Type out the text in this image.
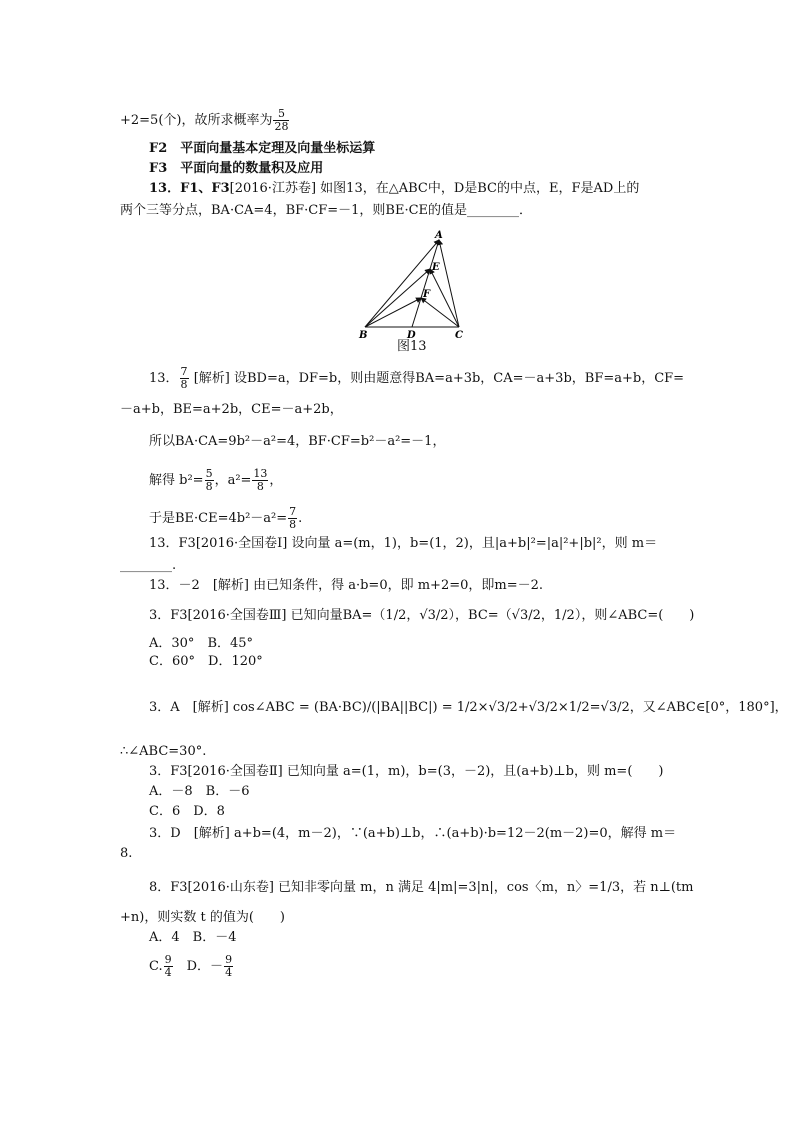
+2=5(个)，故所求概率为 $\frac{5}{28}$
F2　平面向量基本定理及向量坐标运算
F3　平面向量的数量积及应用
13．F1、F3[2016·江苏卷] 如图13，在△ABC中，D是BC的中点，E，F是AD上的
两个三等分点，BA·CA=4，BF·CF=－1，则BE·CE的值是________．
A
E
F
B	D	C
图13
13． $\frac{7}{8}$ [解析] 设BD=a，DF=b，则由题意得BA=a+3b，CA=－a+3b，BF=a+b，CF=
－a+b，BE=a+2b，CE=－a+2b，
所以BA·CA=9b²－a²=4，BF·CF=b²－a²=－1，
解得 $b^2= \frac{5}{8}$ ，$a^2= \frac{13}{8}$ ，
于是$BE\cdot CE=4b^2-a^2= \frac{7}{8}$ .
13．F3[2016·全国卷Ⅰ] 设向量 a=(m，1)，b=(1，2)，且|a+b|²=|a|²+|b|²，则 m＝
________.
13．－2　[解析] 由已知条件，得 a·b=0，即 m+2=0，即m=－2.
3．F3[2016·全国卷Ⅲ] 已知向量BA=（1/2，√3/2），BC=（√3/2，1/2），则∠ABC=(　　)
A．30°　 B．45°
C．60°　 D．120°
3．A　[解析] cos∠ABC = (BA·BC)/(|BA||BC|) = 1/2×√3/2+√3/2×1/2=√3/2，又∠ABC∈[0°，180°]，
∴∠ABC=30°.
3．F3[2016·全国卷Ⅱ] 已知向量 a=(1，m)，b=(3，－2)，且(a+b)⊥b，则 m=(　　)
A．－8　B．－6
C．6　D．8
3．D　[解析] a+b=(4，m－2)，∵(a+b)⊥b，∴(a+b)·b=12－2(m－2)=0，解得 m＝
8.
8．F3[2016·山东卷] 已知非零向量 m，n 满足 4|m|=3|n|，cos〈m，n〉=1/3，若 n⊥(tm
+n)，则实数 t 的值为(　　)
A．4　B．－4
C. $\frac{9}{4}$ 　D．－ $\frac{9}{4}$
